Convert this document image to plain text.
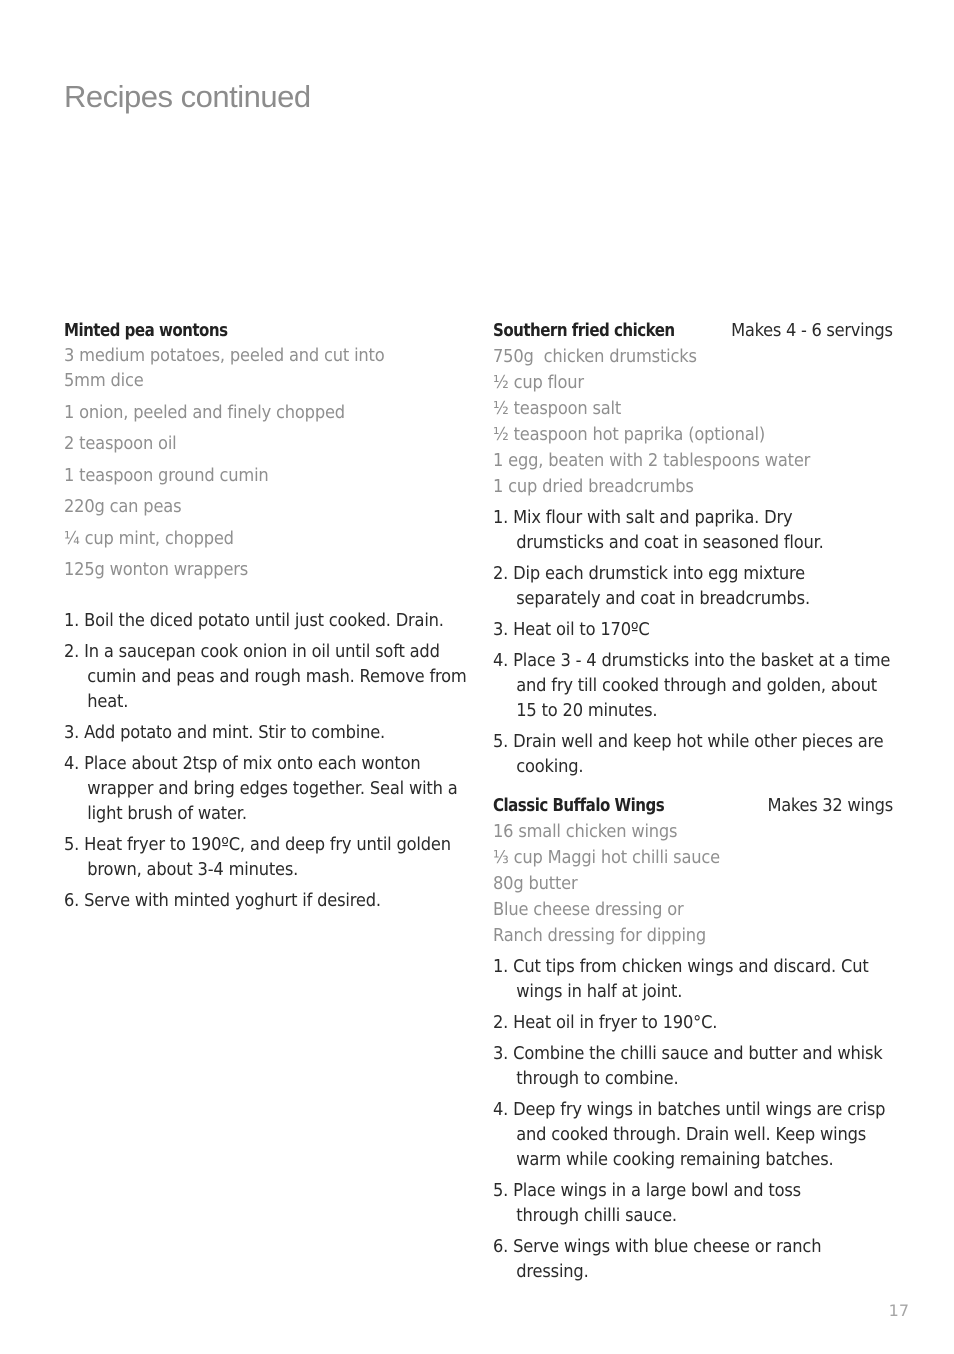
Recipes continued
Minted pea wontons
3 medium potatoes, peeled and cut into 5mm dice
1 onion, peeled and finely chopped
2 teaspoon oil
1 teaspoon ground cumin
220g can peas
¼ cup mint, chopped
125g wonton wrappers
1. Boil the diced potato until just cooked. Drain.
2. In a saucepan cook onion in oil until soft add cumin and peas and rough mash. Remove from heat.
3. Add potato and mint. Stir to combine.
4. Place about 2tsp of mix onto each wonton wrapper and bring edges together. Seal with a light brush of water.
5. Heat fryer to 190ºC, and deep fry until golden brown, about 3-4 minutes.
6. Serve with minted yoghurt if desired.
Southern fried chicken	Makes 4 - 6 servings
750g  chicken drumsticks
½ cup flour
½ teaspoon salt
½ teaspoon hot paprika (optional)
1 egg, beaten with 2 tablespoons water
1 cup dried breadcrumbs
1. Mix flour with salt and paprika. Dry drumsticks and coat in seasoned flour.
2. Dip each drumstick into egg mixture separately and coat in breadcrumbs.
3. Heat oil to 170ºC
4. Place 3 - 4 drumsticks into the basket at a time and fry till cooked through and golden, about 15 to 20 minutes.
5. Drain well and keep hot while other pieces are cooking.
Classic Buffalo Wings	Makes 32 wings
16 small chicken wings
⅓ cup Maggi hot chilli sauce
80g butter
Blue cheese dressing or
Ranch dressing for dipping
1. Cut tips from chicken wings and discard. Cut wings in half at joint.
2. Heat oil in fryer to 190°C.
3. Combine the chilli sauce and butter and whisk through to combine.
4. Deep fry wings in batches until wings are crisp and cooked through. Drain well. Keep wings warm while cooking remaining batches.
5. Place wings in a large bowl and toss through chilli sauce.
6. Serve wings with blue cheese or ranch dressing.
17
